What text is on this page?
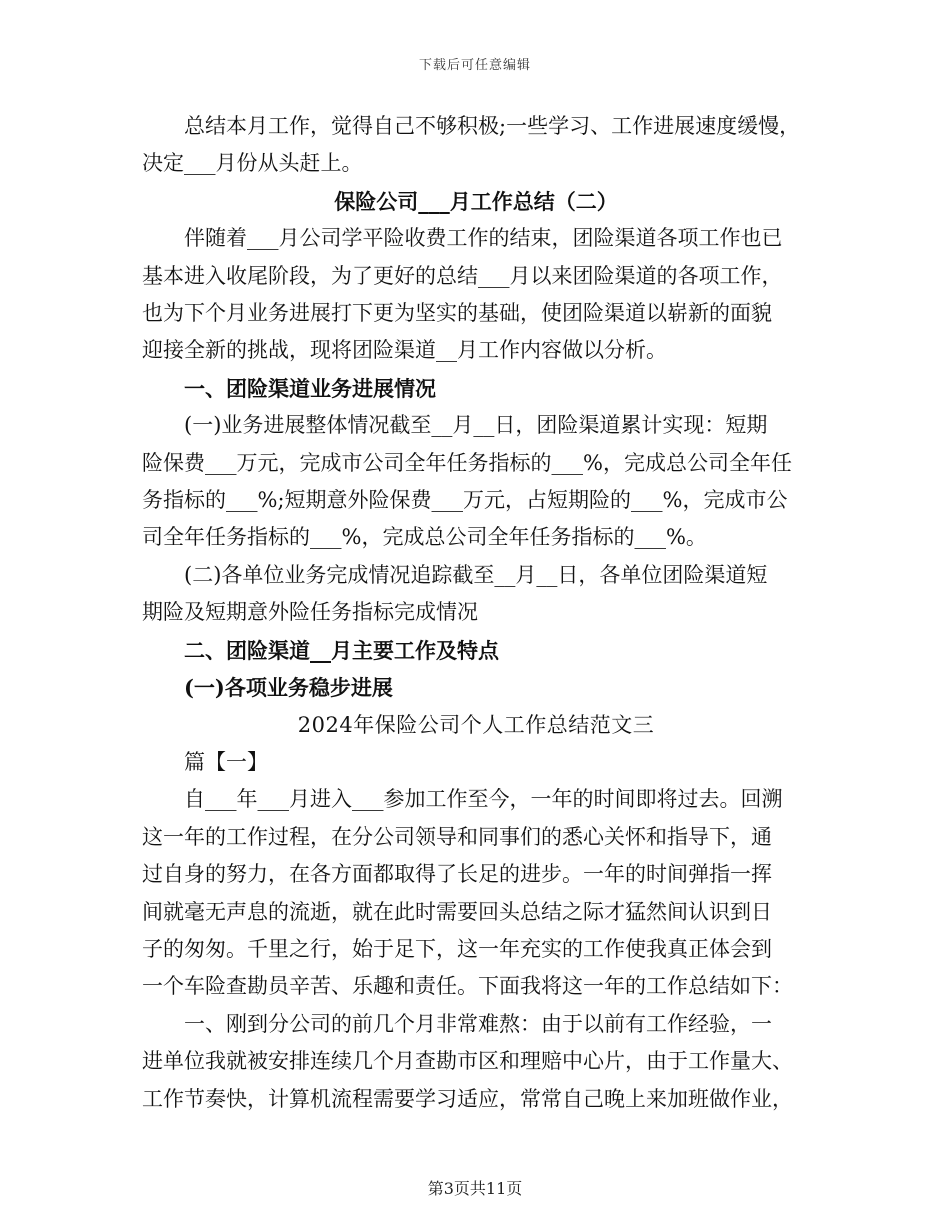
下载后可任意编辑

总结本月工作，觉得自己不够积极;一些学习、工作进展速度缓慢，

决定___月份从头赶上。

保险公司___月工作总结（二）

伴随着___月公司学平险收费工作的结束，团险渠道各项工作也已

基本进入收尾阶段，为了更好的总结___月以来团险渠道的各项工作，

也为下个月业务进展打下更为坚实的基础，使团险渠道以崭新的面貌

迎接全新的挑战，现将团险渠道__月工作内容做以分析。

一、团险渠道业务进展情况

(一)业务进展整体情况截至__月__日，团险渠道累计实现：短期

险保费___万元，完成市公司全年任务指标的___%，完成总公司全年任

务指标的___%;短期意外险保费___万元，占短期险的___%，完成市公

司全年任务指标的___%，完成总公司全年任务指标的___%。

(二)各单位业务完成情况追踪截至__月__日，各单位团险渠道短

期险及短期意外险任务指标完成情况

二、团险渠道__月主要工作及特点

(一)各项业务稳步进展

2024年保险公司个人工作总结范文三

篇【一】

自___年___月进入___参加工作至今，一年的时间即将过去。回溯

这一年的工作过程，在分公司领导和同事们的悉心关怀和指导下，通

过自身的努力，在各方面都取得了长足的进步。一年的时间弹指一挥

间就毫无声息的流逝，就在此时需要回头总结之际才猛然间认识到日

子的匆匆。千里之行，始于足下，这一年充实的工作使我真正体会到

一个车险查勘员辛苦、乐趣和责任。下面我将这一年的工作总结如下：

一、刚到分公司的前几个月非常难熬：由于以前有工作经验，一

进单位我就被安排连续几个月查勘市区和理赔中心片，由于工作量大、

工作节奏快，计算机流程需要学习适应，常常自己晚上来加班做作业，

第3页共11页
